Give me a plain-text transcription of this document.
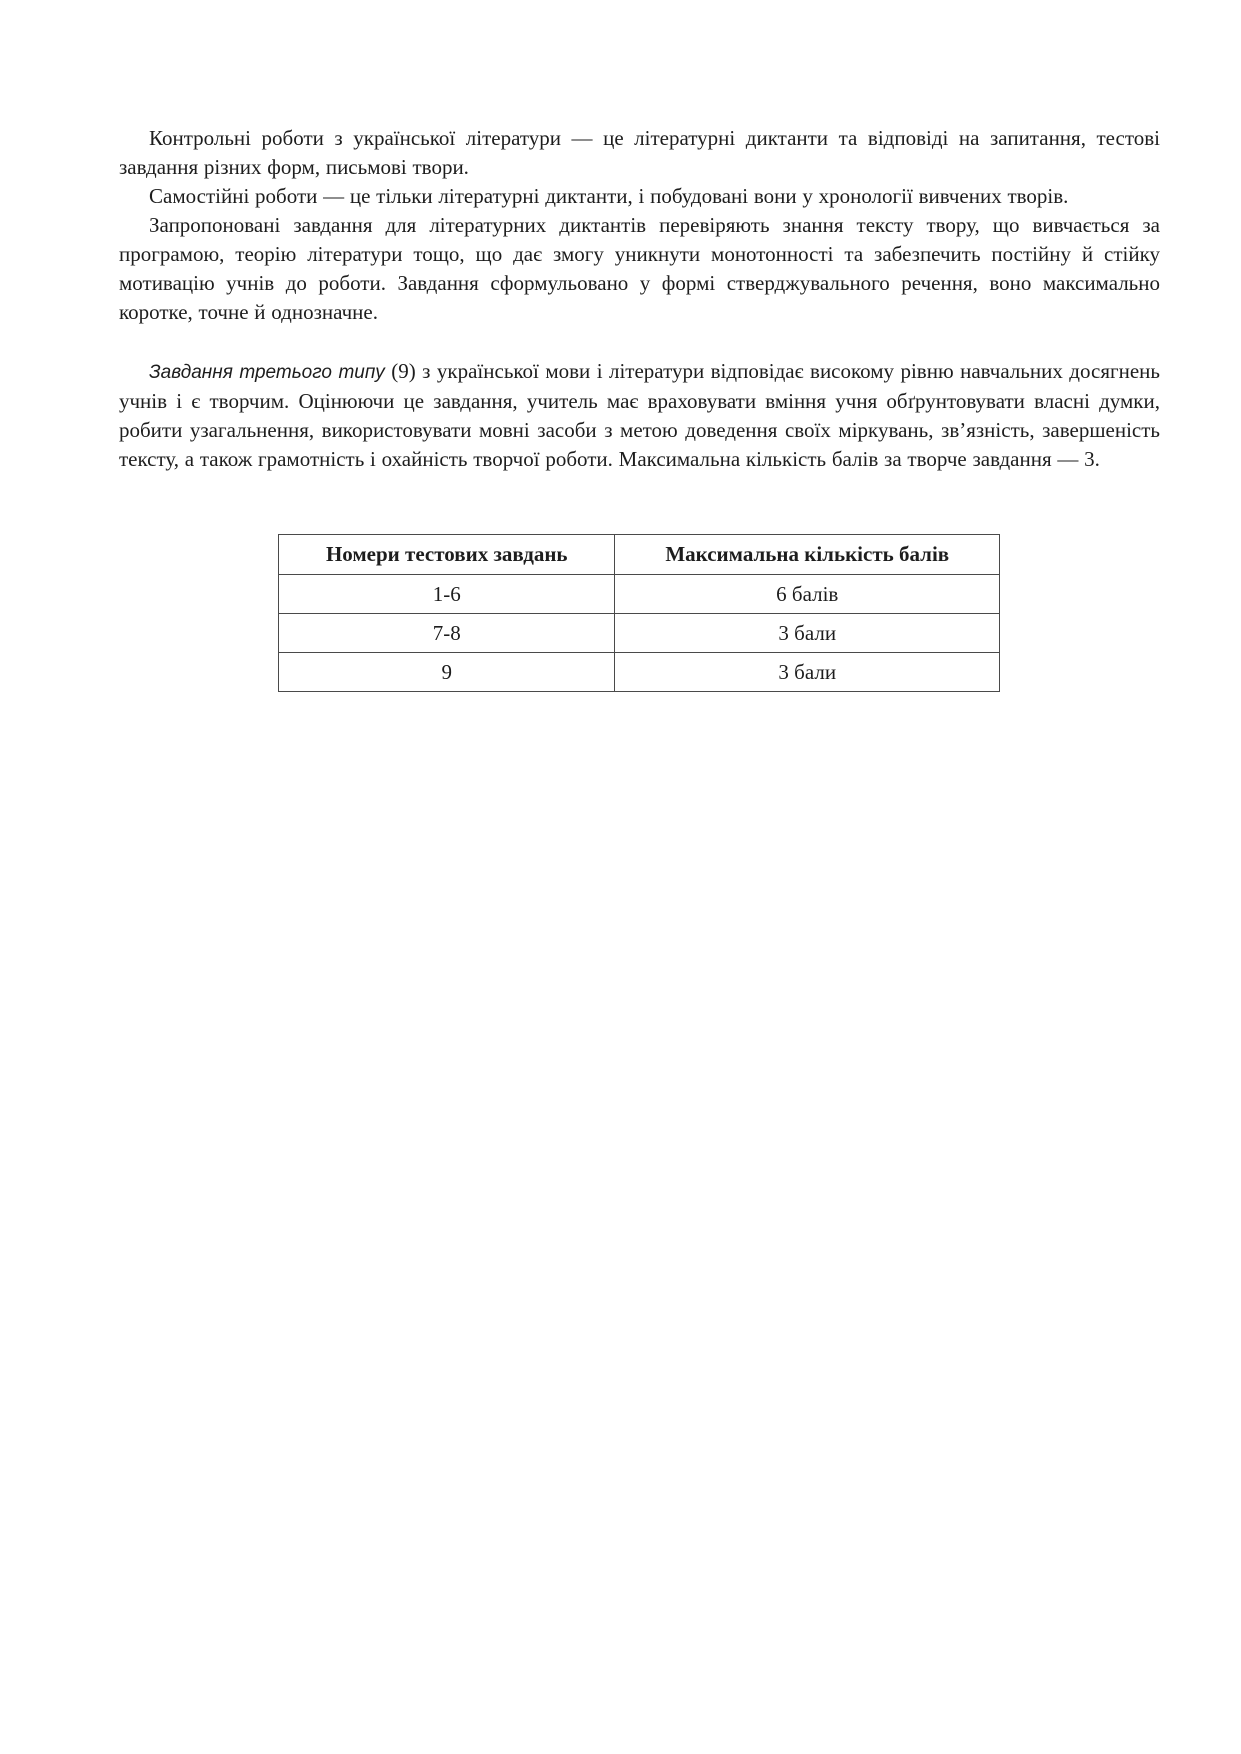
Контрольні роботи з української літератури — це літературні диктанти та відповіді на запитання, тестові завдання різних форм, письмові твори.

Самостійні роботи — це тільки літературні диктанти, і побудовані вони у хронології вивчених творів.

Запропоновані завдання для літературних диктантів перевіряють знання тексту твору, що вивчається за програмою, теорію літератури тощо, що дає змогу уникнути монотонності та забезпечить постійну й стійку мотивацію учнів до роботи. Завдання сформульовано у формі стверджувального речення, воно максимально коротке, точне й однозначне.

Завдання третього типу (9) з української мови і літератури відповідає високому рівню навчальних досягнень учнів і є творчим. Оцінюючи це завдання, учитель має враховувати вміння учня обґрунтовувати власні думки, робити узагальнення, використовувати мовні засоби з метою доведення своїх міркувань, зв’язність, завершеність тексту, а також грамотність і охайність творчої роботи. Максимальна кількість балів за творче завдання — 3.

Номери тестових завдань	Максимальна кількість балів
1-6	6 балів
7-8	3 бали
9	3 бали
